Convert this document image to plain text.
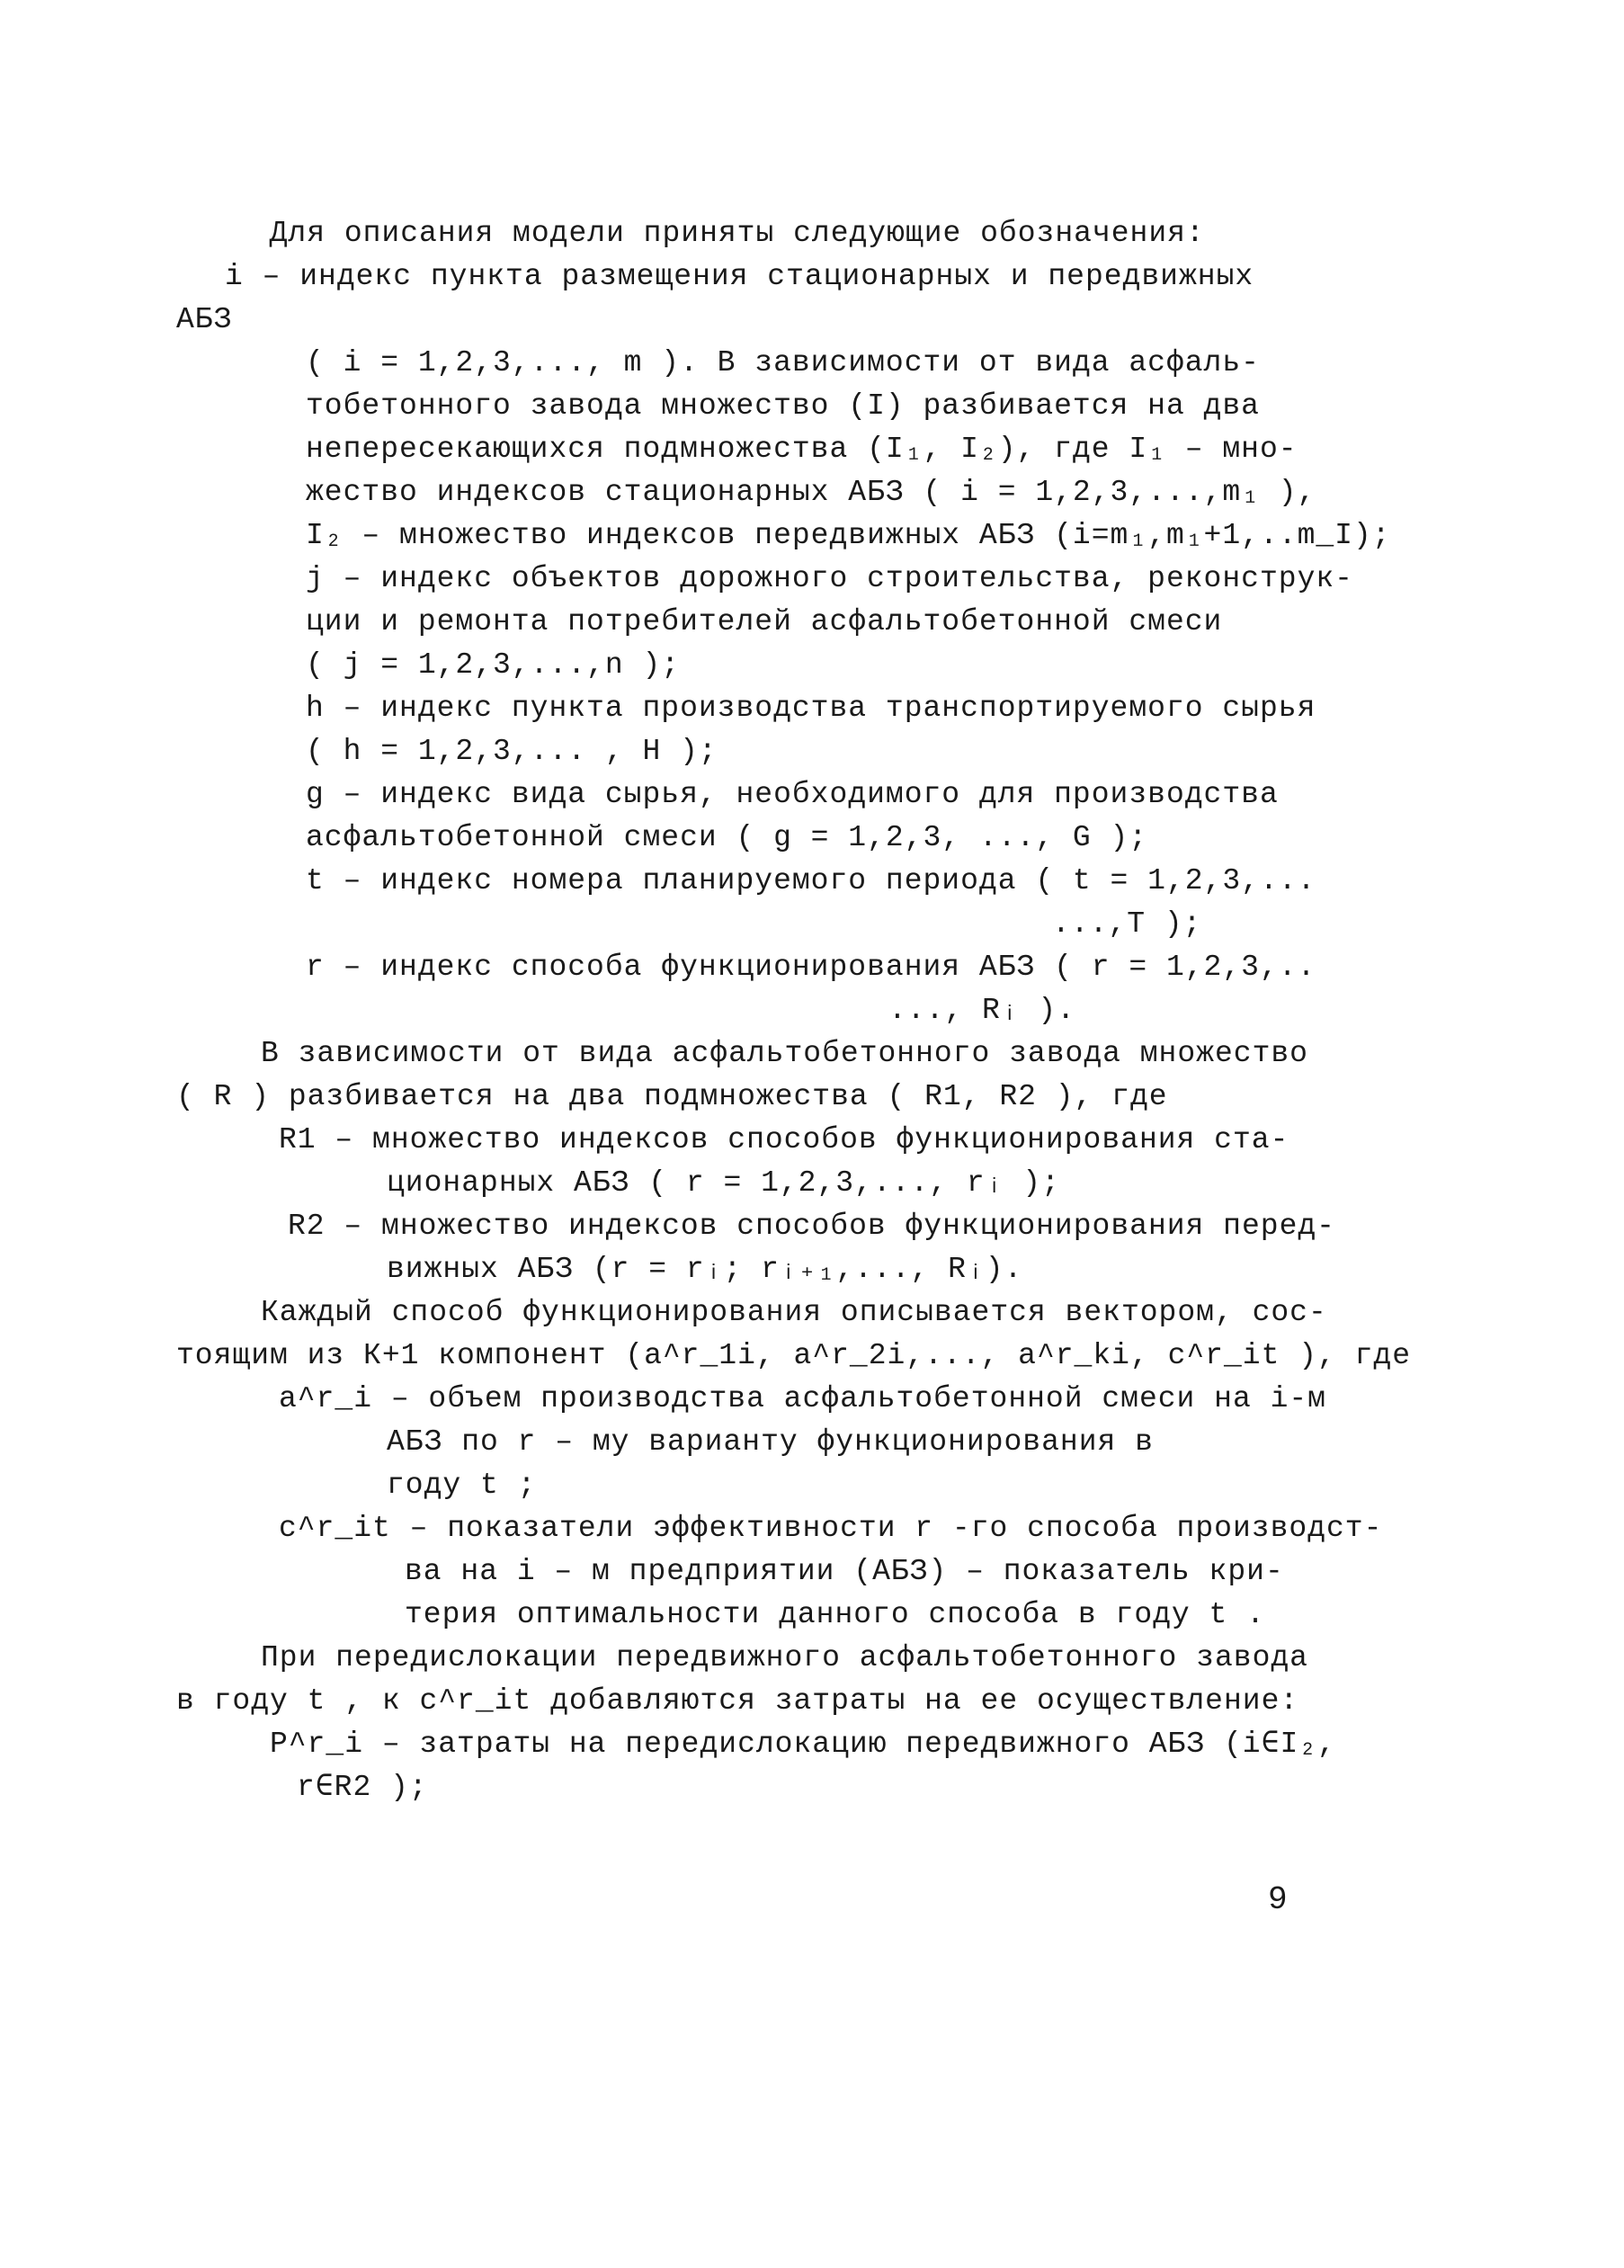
Для описания модели приняты следующие обозначения:
i – индекс пункта размещения стационарных и передвижных
АБЗ
( i = 1,2,3,..., m ). В зависимости от вида асфаль-
тобетонного завода множество (I) разбивается на два
непересекающихся подмножества (I₁, I₂), где I₁ – мно-
жество индексов стационарных АБЗ ( i = 1,2,3,...,m₁ ),
I₂ – множество индексов передвижных АБЗ (i=m₁,m₁+1,..m_I);
j – индекс объектов дорожного строительства, реконструк-
ции и ремонта потребителей асфальтобетонной смеси
( j = 1,2,3,...,n );
h – индекс пункта производства транспортируемого сырья
( h = 1,2,3,... , H );
g – индекс вида сырья, необходимого для производства
асфальтобетонной смеси ( g = 1,2,3, ..., G );
t – индекс номера планируемого периода ( t = 1,2,3,...
...,T );
r – индекс способа функционирования АБЗ ( r = 1,2,3,..
..., Rᵢ ).
В зависимости от вида асфальтобетонного завода множество
( R ) разбивается на два подмножества ( R1, R2 ), где
R1 – множество индексов способов функционирования ста-
ционарных АБЗ ( r = 1,2,3,..., rᵢ );
R2 – множество индексов способов функционирования перед-
вижных АБЗ (r = rᵢ; rᵢ₊₁,..., Rᵢ).
Каждый способ функционирования описывается вектором, сос-
тоящим из К+1 компонент (a^r_1i, a^r_2i,..., a^r_ki, c^r_it ), где
a^r_i – объем производства асфальтобетонной смеси на i-м
АБЗ по r – му варианту функционирования в
году t ;
c^r_it – показатели эффективности r -го способа производст-
ва на i – м предприятии (АБЗ) – показатель кри-
терия оптимальности данного способа в году t .
При передислокации передвижного асфальтобетонного завода
в году t , к c^r_it добавляются затраты на ее осуществление:
P^r_i – затраты на передислокацию передвижного АБЗ (i∈I₂,
r∈R2 );
9
